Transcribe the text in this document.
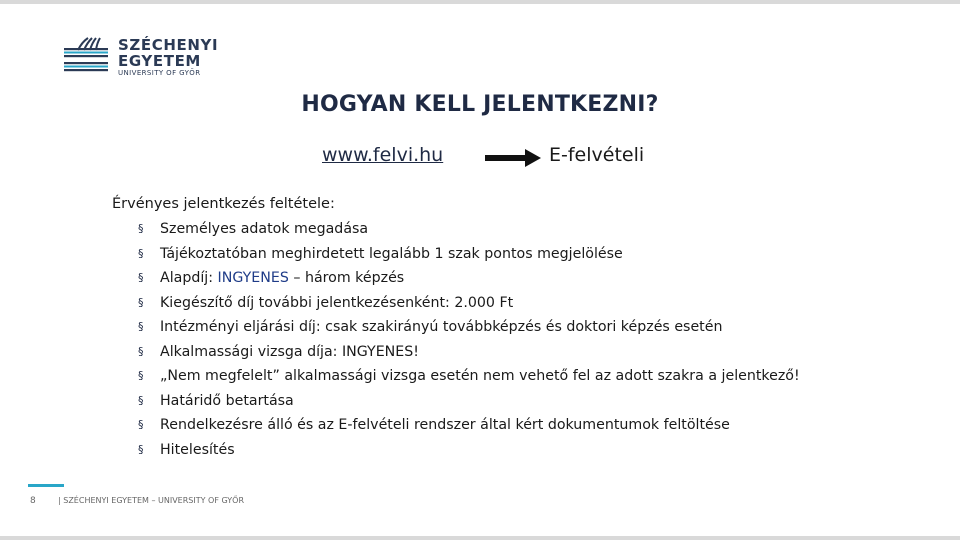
SZÉCHENYI
EGYETEM
UNIVERSITY OF GYŐR
HOGYAN KELL JELENTKEZNI?
www.felvi.hu	E-felvételi
Érvényes jelentkezés feltétele:
§ Személyes adatok megadása
§ Tájékoztatóban meghirdetett legalább 1 szak pontos megjelölése
§ Alapdíj: INGYENES – három képzés
§ Kiegészítő díj további jelentkezésenként: 2.000 Ft
§ Intézményi eljárási díj: csak szakirányú továbbképzés és doktori képzés esetén
§ Alkalmassági vizsga díja: INGYENES!
§ „Nem megfelelt” alkalmassági vizsga esetén nem vehető fel az adott szakra a jelentkező!
§ Határidő betartása
§ Rendelkezésre álló és az E-felvételi rendszer által kért dokumentumok feltöltése
§ Hitelesítés
8	| SZÉCHENYI EGYETEM – UNIVERSITY OF GYŐR
